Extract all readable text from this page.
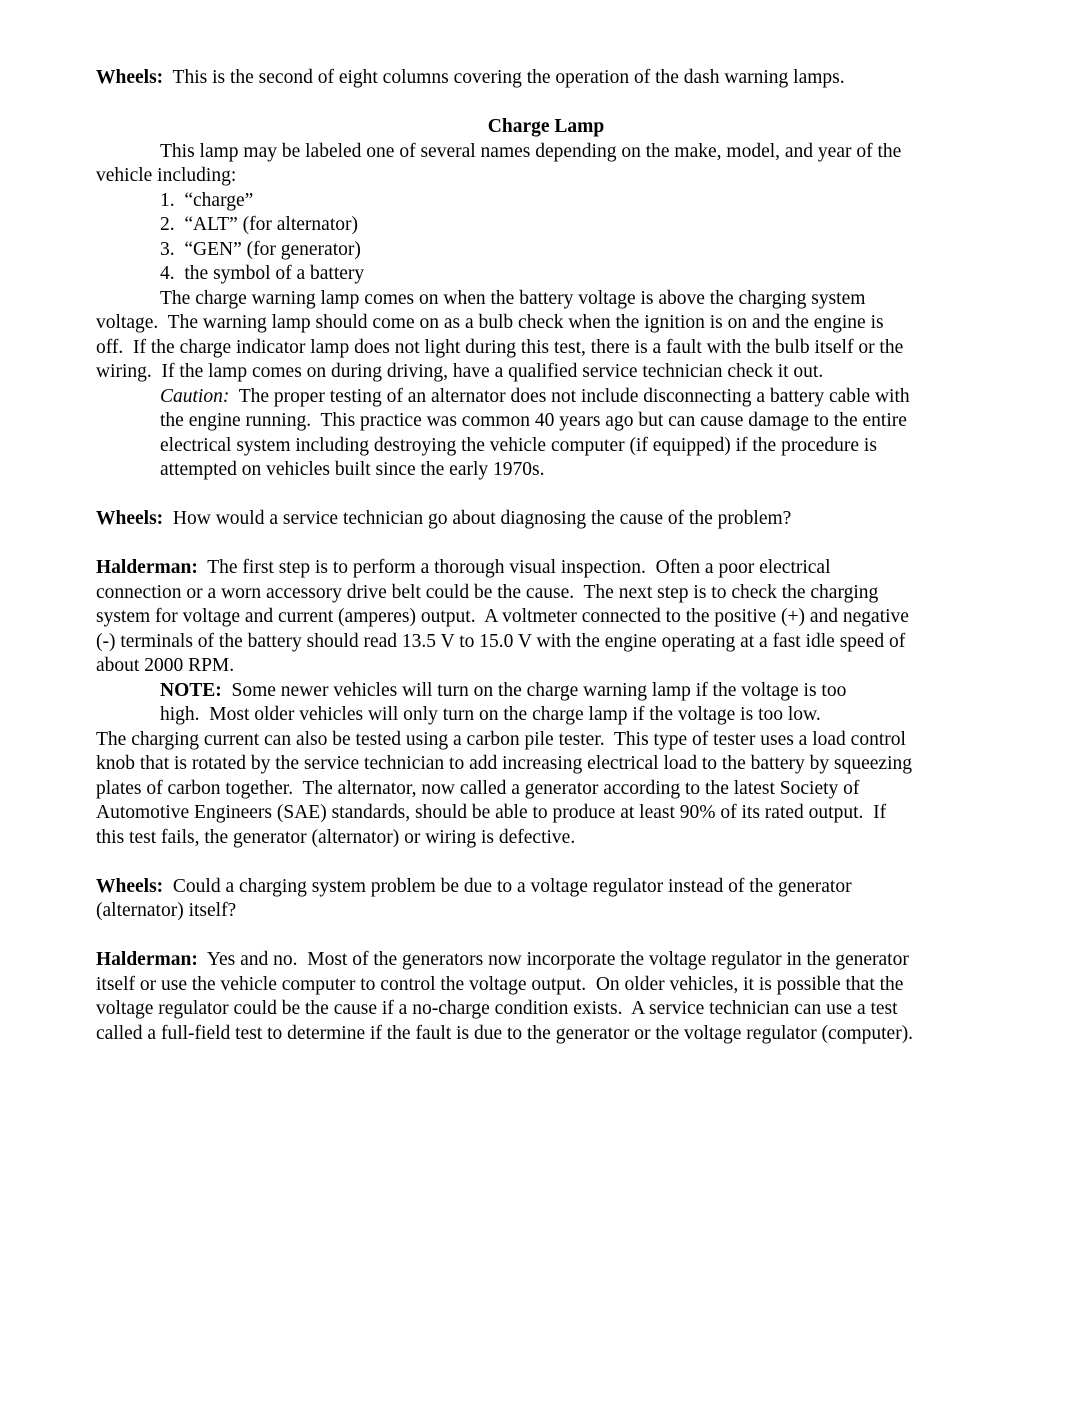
Wheels:  This is the second of eight columns covering the operation of the dash warning lamps.
Charge Lamp
This lamp may be labeled one of several names depending on the make, model, and year of the
vehicle including:
1.  “charge”
2.  “ALT” (for alternator)
3.  “GEN” (for generator)
4.  the symbol of a battery
The charge warning lamp comes on when the battery voltage is above the charging system
voltage.  The warning lamp should come on as a bulb check when the ignition is on and the engine is
off.  If the charge indicator lamp does not light during this test, there is a fault with the bulb itself or the
wiring.  If the lamp comes on during driving, have a qualified service technician check it out.
Caution:  The proper testing of an alternator does not include disconnecting a battery cable with
the engine running.  This practice was common 40 years ago but can cause damage to the entire
electrical system including destroying the vehicle computer (if equipped) if the procedure is
attempted on vehicles built since the early 1970s.
Wheels:  How would a service technician go about diagnosing the cause of the problem?
Halderman:  The first step is to perform a thorough visual inspection.  Often a poor electrical
connection or a worn accessory drive belt could be the cause.  The next step is to check the charging
system for voltage and current (amperes) output.  A voltmeter connected to the positive (+) and negative
(-) terminals of the battery should read 13.5 V to 15.0 V with the engine operating at a fast idle speed of
about 2000 RPM.
NOTE:  Some newer vehicles will turn on the charge warning lamp if the voltage is too
high.  Most older vehicles will only turn on the charge lamp if the voltage is too low.
The charging current can also be tested using a carbon pile tester.  This type of tester uses a load control
knob that is rotated by the service technician to add increasing electrical load to the battery by squeezing
plates of carbon together.  The alternator, now called a generator according to the latest Society of
Automotive Engineers (SAE) standards, should be able to produce at least 90% of its rated output.  If
this test fails, the generator (alternator) or wiring is defective.
Wheels:  Could a charging system problem be due to a voltage regulator instead of the generator
(alternator) itself?
Halderman:  Yes and no.  Most of the generators now incorporate the voltage regulator in the generator
itself or use the vehicle computer to control the voltage output.  On older vehicles, it is possible that the
voltage regulator could be the cause if a no-charge condition exists.  A service technician can use a test
called a full-field test to determine if the fault is due to the generator or the voltage regulator (computer).
